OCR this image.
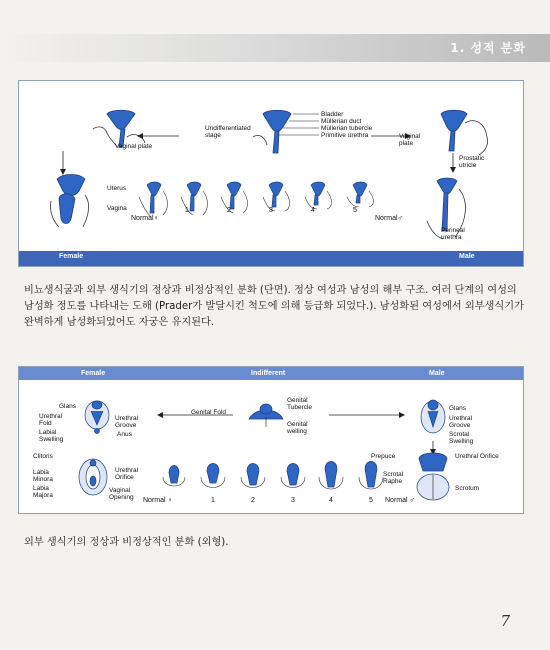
1. 성적 분화
Undifferentiated
stage
Bladder
Müllerian duct
Müllerian tubercle
Primitive urethra
Vaginal plate
Vaginal
plate
Uterus
Vagina
Prostatic
utricle
Perineal
urethra
Normal♀
1	2	3	4	5
Normal♂
Female	Male
비뇨생식굴과 외부 생식기의 정상과 비정상적인 분화 (단면). 정상 여성과 남성의 해부 구조. 여러 단계의 여성의 남성화 정도를 나타내는 도해 (Prader가 발달시킨 척도에 의해 등급화 되었다.). 남성화된 여성에서 외부생식기가 완벽하게 남성화되었어도 자궁은 유지된다.
Female	Indifferent	Male
Glans
Urethral
Fold
Labial
Swelling
Urethral
Groove
Anus
Genital Fold
Genital
Tubercle
Genital
welling
Glans
Urethral
Groove
Scrotal
Swelling
Clitoris
Labia
Minora
Labia
Majora
Urethral
Orifice
Vaginal
Opening
Prepuce	Urethral Orifice
Scrotal
Raphe
Scrotum
Normal ♀	1	2	3	4	5 Normal ♂
외부 생식기의 정상과 비정상적인 분화 (외형).
7
